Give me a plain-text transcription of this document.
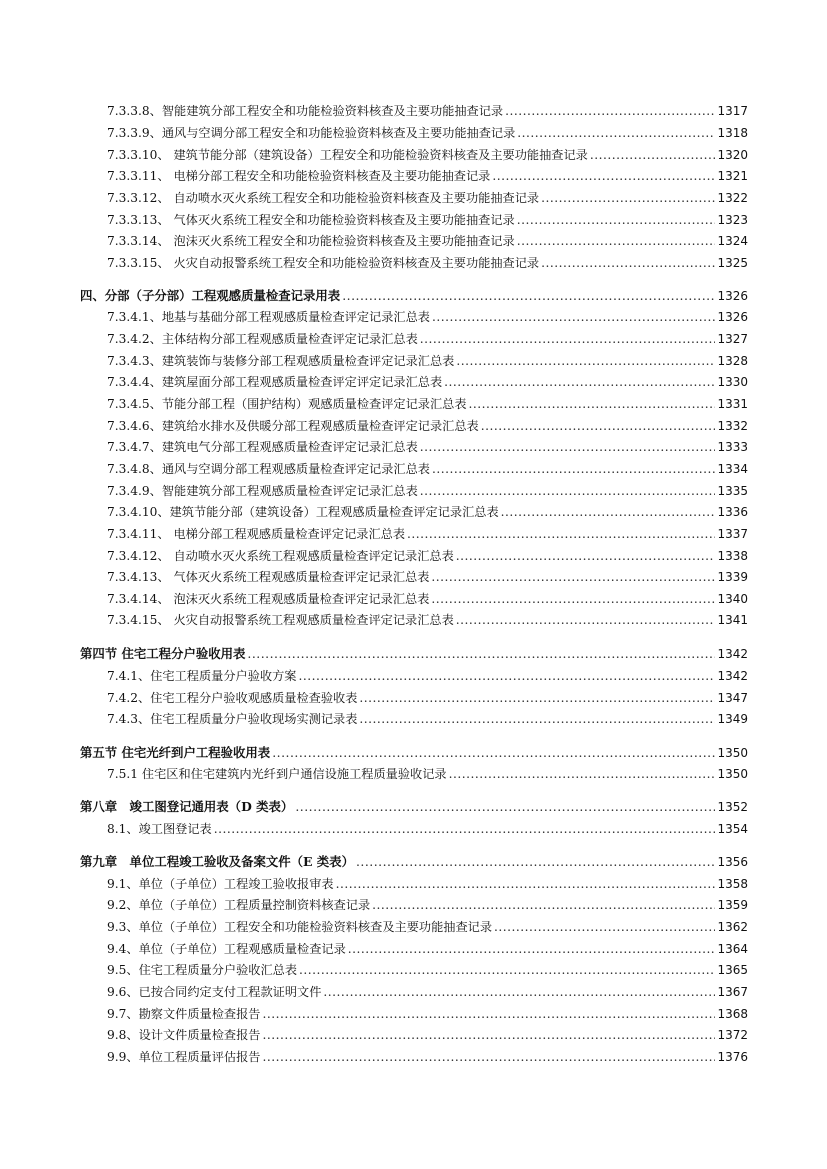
7.3.3.8、智能建筑分部工程安全和功能检验资料核查及主要功能抽查记录 .....	1317
7.3.3.9、通风与空调分部工程安全和功能检验资料核查及主要功能抽查记录 .....	1318
7.3.3.10、 建筑节能分部（建筑设备）工程安全和功能检验资料核查及主要功能抽查记录 .....	1320
7.3.3.11、 电梯分部工程安全和功能检验资料核查及主要功能抽查记录 .....	1321
7.3.3.12、 自动喷水灭火系统工程安全和功能检验资料核查及主要功能抽查记录 .....	1322
7.3.3.13、 气体灭火系统工程安全和功能检验资料核查及主要功能抽查记录 .....	1323
7.3.3.14、 泡沫灭火系统工程安全和功能检验资料核查及主要功能抽查记录 .....	1324
7.3.3.15、 火灾自动报警系统工程安全和功能检验资料核查及主要功能抽查记录 .....	1325
四、分部（子分部）工程观感质量检查记录用表 .....	1326
7.3.4.1、地基与基础分部工程观感质量检查评定记录汇总表 .....	1326
7.3.4.2、主体结构分部工程观感质量检查评定记录汇总表 .....	1327
7.3.4.3、建筑装饰与装修分部工程观感质量检查评定记录汇总表 .....	1328
7.3.4.4、建筑屋面分部工程观感质量检查评定评定记录汇总表 .....	1330
7.3.4.5、节能分部工程（围护结构）观感质量检查评定记录汇总表 .....	1331
7.3.4.6、建筑给水排水及供暖分部工程观感质量检查评定记录汇总表 .....	1332
7.3.4.7、建筑电气分部工程观感质量检查评定记录汇总表 .....	1333
7.3.4.8、通风与空调分部工程观感质量检查评定记录汇总表 .....	1334
7.3.4.9、智能建筑分部工程观感质量检查评定记录汇总表 .....	1335
7.3.4.10、建筑节能分部（建筑设备）工程观感质量检查评定记录汇总表 .....	1336
7.3.4.11、 电梯分部工程观感质量检查评定记录汇总表 .....	1337
7.3.4.12、 自动喷水灭火系统工程观感质量检查评定记录汇总表 .....	1338
7.3.4.13、 气体灭火系统工程观感质量检查评定记录汇总表 .....	1339
7.3.4.14、 泡沫灭火系统工程观感质量检查评定记录汇总表 .....	1340
7.3.4.15、 火灾自动报警系统工程观感质量检查评定记录汇总表 .....	1341
第四节 住宅工程分户验收用表 .....	1342
7.4.1、住宅工程质量分户验收方案 .....	1342
7.4.2、住宅工程分户验收观感质量检查验收表 .....	1347
7.4.3、住宅工程质量分户验收现场实测记录表 .....	1349
第五节 住宅光纤到户工程验收用表 .....	1350
7.5.1 住宅区和住宅建筑内光纤到户通信设施工程质量验收记录 .....	1350
第八章　竣工图登记通用表（D 类表） .....	1352
8.1、竣工图登记表 .....	1354
第九章　单位工程竣工验收及备案文件（E 类表） .....	1356
9.1、单位（子单位）工程竣工验收报审表 .....	1358
9.2、单位（子单位）工程质量控制资料核查记录 .....	1359
9.3、单位（子单位）工程安全和功能检验资料核查及主要功能抽查记录 .....	1362
9.4、单位（子单位）工程观感质量检查记录 .....	1364
9.5、住宅工程质量分户验收汇总表 .....	1365
9.6、已按合同约定支付工程款证明文件 .....	1367
9.7、勘察文件质量检查报告 .....	1368
9.8、设计文件质量检查报告 .....	1372
9.9、单位工程质量评估报告 .....	1376
